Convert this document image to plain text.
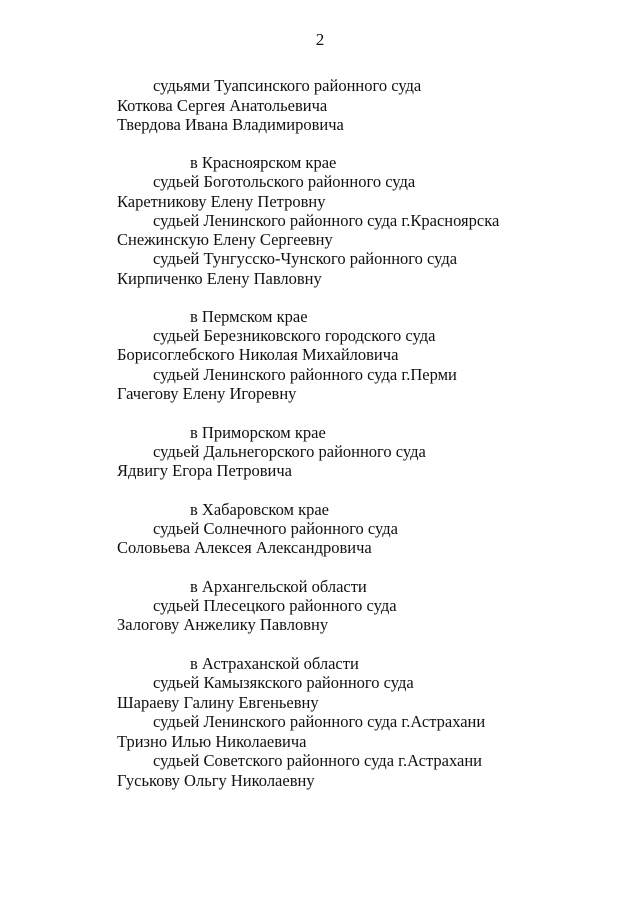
2
судьями Туапсинского районного суда
Коткова Сергея Анатольевича
Твердова Ивана Владимировича
в Красноярском крае
судьей Боготольского районного суда
Каретникову Елену Петровну
судьей Ленинского районного суда г.Красноярска
Снежинскую Елену Сергеевну
судьей Тунгусско-Чунского районного суда
Кирпиченко Елену Павловну
в Пермском крае
судьей Березниковского городского суда
Борисоглебского Николая Михайловича
судьей Ленинского районного суда г.Перми
Гачегову Елену Игоревну
в Приморском крае
судьей Дальнегорского районного суда
Ядвигу Егора Петровича
в Хабаровском крае
судьей Солнечного районного суда
Соловьева Алексея Александровича
в Архангельской области
судьей Плесецкого районного суда
Залогову Анжелику Павловну
в Астраханской области
судьей Камызякского районного суда
Шараеву Галину Евгеньевну
судьей Ленинского районного суда г.Астрахани
Тризно Илью Николаевича
судьей Советского районного суда г.Астрахани
Гуськову Ольгу Николаевну
